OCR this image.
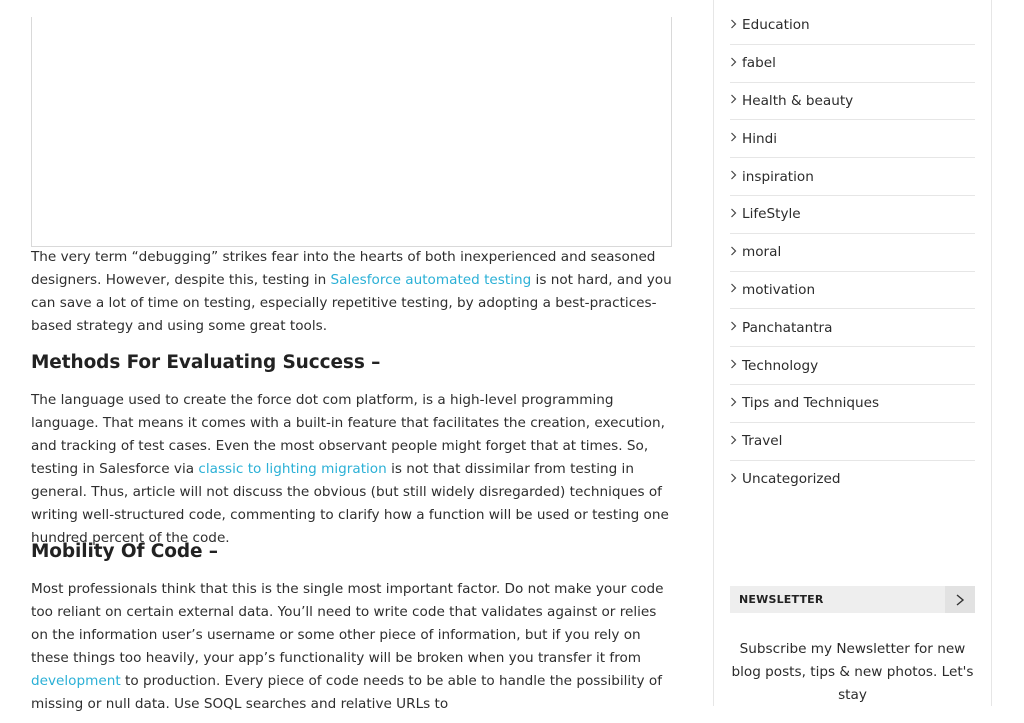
The very term “debugging” strikes fear into the hearts of both inexperienced and seasoned designers. However, despite this, testing in Salesforce automated testing is not hard, and you can save a lot of time on testing, especially repetitive testing, by adopting a best-practices-based strategy and using some great tools.

Methods For Evaluating Success –

The language used to create the force dot com platform, is a high-level programming language. That means it comes with a built-in feature that facilitates the creation, execution, and tracking of test cases. Even the most observant people might forget that at times. So, testing in Salesforce via classic to lighting migration is not that dissimilar from testing in general. Thus, article will not discuss the obvious (but still widely disregarded) techniques of writing well-structured code, commenting to clarify how a function will be used or testing one hundred percent of the code.

Mobility Of Code –

Most professionals think that this is the single most important factor. Do not make your code too reliant on certain external data. You’ll need to write code that validates against or relies on the information user’s username or some other piece of information, but if you rely on these things too heavily, your app’s functionality will be broken when you transfer it from development to production. Every piece of code needs to be able to handle the possibility of missing or null data. Use SOQL searches and relative URLs to

Education
fabel
Health & beauty
Hindi
inspiration
LifeStyle
moral
motivation
Panchatantra
Technology
Tips and Techniques
Travel
Uncategorized
NEWSLETTER

Subscribe my Newsletter for new blog posts, tips & new photos. Let's stay
